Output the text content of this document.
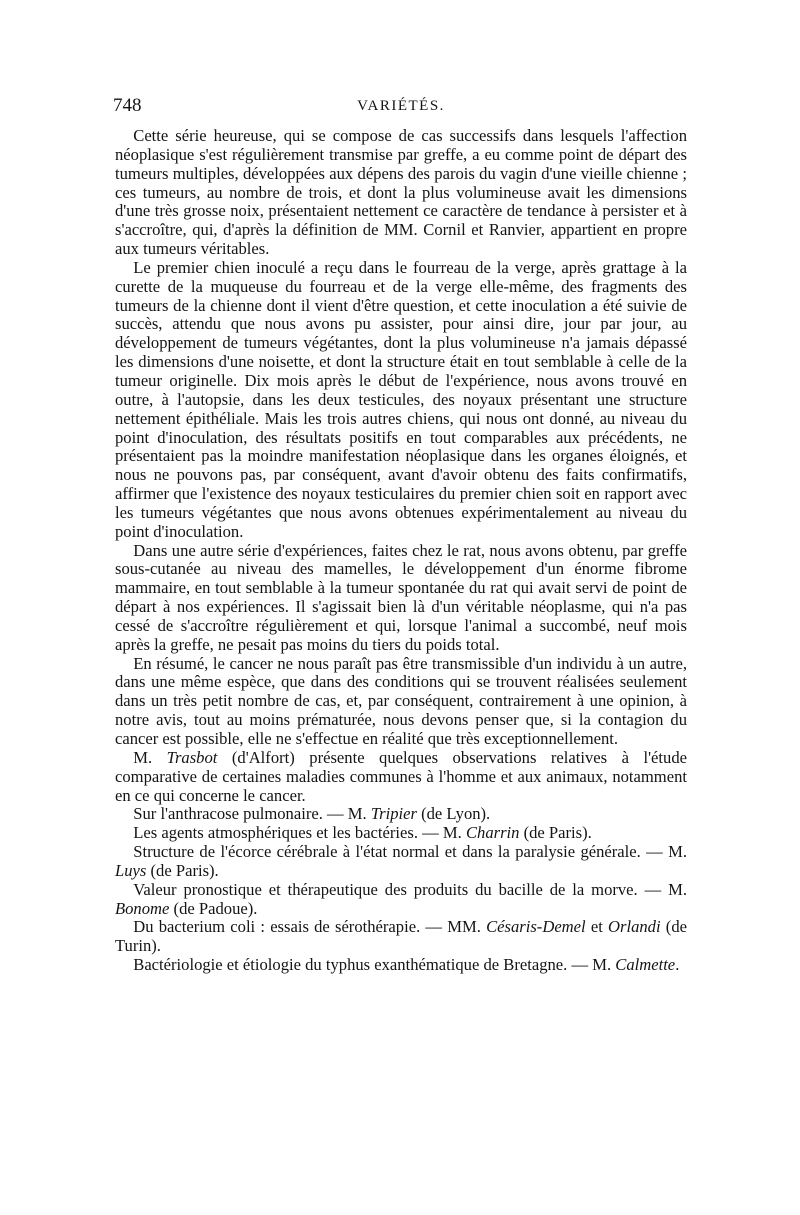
748	VARIÉTÉS.

Cette série heureuse, qui se compose de cas successifs dans lesquels l'affection néoplasique s'est régulièrement transmise par greffe, a eu comme point de départ des tumeurs multiples, développées aux dépens des parois du vagin d'une vieille chienne ; ces tumeurs, au nombre de trois, et dont la plus volumineuse avait les dimensions d'une très grosse noix, présentaient nettement ce caractère de tendance à persister et à s'accroître, qui, d'après la définition de MM. Cornil et Ranvier, appartient en propre aux tumeurs véritables.

Le premier chien inoculé a reçu dans le fourreau de la verge, après grattage à la curette de la muqueuse du fourreau et de la verge elle-même, des fragments des tumeurs de la chienne dont il vient d'être question, et cette inoculation a été suivie de succès, attendu que nous avons pu assister, pour ainsi dire, jour par jour, au développement de tumeurs végétantes, dont la plus volumineuse n'a jamais dépassé les dimensions d'une noisette, et dont la structure était en tout semblable à celle de la tumeur originelle. Dix mois après le début de l'expérience, nous avons trouvé en outre, à l'autopsie, dans les deux testicules, des noyaux présentant une structure nettement épithéliale. Mais les trois autres chiens, qui nous ont donné, au niveau du point d'inoculation, des résultats positifs en tout comparables aux précédents, ne présentaient pas la moindre manifestation néoplasique dans les organes éloignés, et nous ne pouvons pas, par conséquent, avant d'avoir obtenu des faits confirmatifs, affirmer que l'existence des noyaux testiculaires du premier chien soit en rapport avec les tumeurs végétantes que nous avons obtenues expérimentalement au niveau du point d'inoculation.

Dans une autre série d'expériences, faites chez le rat, nous avons obtenu, par greffe sous-cutanée au niveau des mamelles, le développement d'un énorme fibrome mammaire, en tout semblable à la tumeur spontanée du rat qui avait servi de point de départ à nos expériences. Il s'agissait bien là d'un véritable néoplasme, qui n'a pas cessé de s'accroître régulièrement et qui, lorsque l'animal a succombé, neuf mois après la greffe, ne pesait pas moins du tiers du poids total.

En résumé, le cancer ne nous paraît pas être transmissible d'un individu à un autre, dans une même espèce, que dans des conditions qui se trouvent réalisées seulement dans un très petit nombre de cas, et, par conséquent, contrairement à une opinion, à notre avis, tout au moins prématurée, nous devons penser que, si la contagion du cancer est possible, elle ne s'effectue en réalité que très exceptionnellement.

M. Trasbot (d'Alfort) présente quelques observations relatives à l'étude comparative de certaines maladies communes à l'homme et aux animaux, notamment en ce qui concerne le cancer.

Sur l'anthracose pulmonaire. — M. Tripier (de Lyon).

Les agents atmosphériques et les bactéries. — M. Charrin (de Paris).

Structure de l'écorce cérébrale à l'état normal et dans la paralysie générale. — M. Luys (de Paris).

Valeur pronostique et thérapeutique des produits du bacille de la morve. — M. Bonome (de Padoue).

Du bacterium coli : essais de sérothérapie. — MM. Césaris-Demel et Orlandi (de Turin).

Bactériologie et étiologie du typhus exanthématique de Bretagne. — M. Calmette.
